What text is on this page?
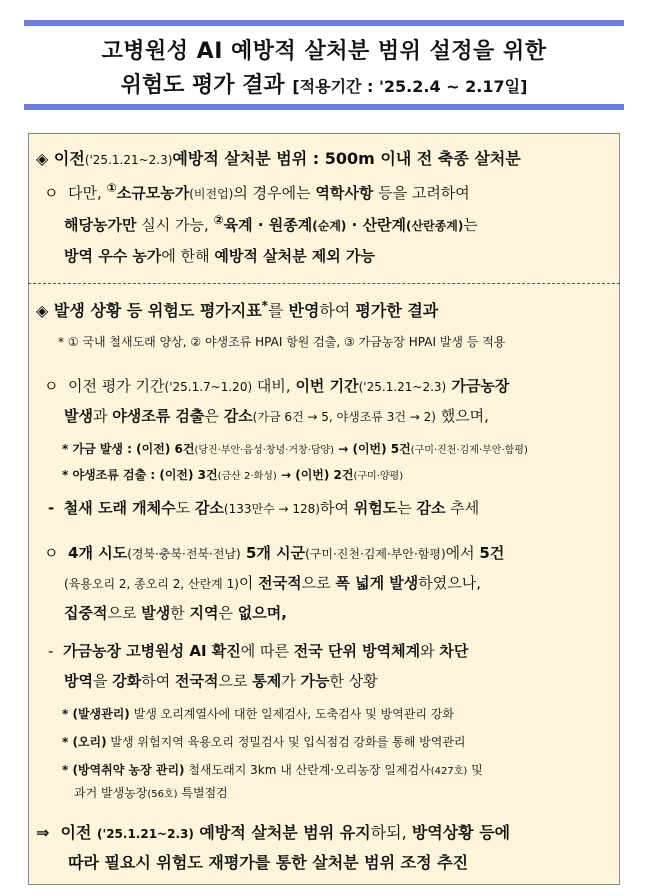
고병원성 AI 예방적 살처분 범위 설정을 위한
위험도 평가 결과 [적용기간 : '25.2.4 ~ 2.17일]
◈ 이전('25.1.21~2.3)예방적 살처분 범위 : 500m 이내 전 축종 살처분
ㅇ 다만, ①소규모농가(비전업)의 경우에는 역학사항 등을 고려하여
해당농가만 실시 가능, ②육계 · 원종계(순계) · 산란계(산란종계)는
방역 우수 농가에 한해 예방적 살처분 제외 가능
◈ 발생 상황 등 위험도 평가지표*를 반영하여 평가한 결과
* ① 국내 철새도래 양상, ② 야생조류 HPAI 항원 검출, ③ 가금농장 HPAI 발생 등 적용
ㅇ 이전 평가 기간('25.1.7~1.20) 대비, 이번 기간('25.1.21~2.3) 가금농장
발생과 야생조류 검출은 감소(가금 6건 → 5, 야생조류 3건 → 2) 했으며,
* 가금 발생 : (이전) 6건(당진·부안·음성·창녕·거창·담양) → (이번) 5건(구미·진천·김제·부안·함평)
* 야생조류 검출 : (이전) 3건(금산 2·화성) → (이번) 2건(구미·양평)
- 철새 도래 개체수도 감소(133만수 → 128)하여 위험도는 감소 추세
ㅇ 4개 시도(경북·충북·전북·전남) 5개 시군(구미·진천·김제·부안·함평)에서 5건
(육용오리 2, 종오리 2, 산란계 1)이 전국적으로 폭 넓게 발생하였으나,
집중적으로 발생한 지역은 없으며,
- 가금농장 고병원성 AI 확진에 따른 전국 단위 방역체계와 차단
방역을 강화하여 전국적으로 통제가 가능한 상황
* (발생관리) 발생 오리계열사에 대한 일제검사, 도축검사 및 방역관리 강화
* (오리) 발생 위험지역 육용오리 정밀검사 및 입식점검 강화를 통해 방역관리
* (방역취약 농장 관리) 철새도래지 3km 내 산란계·오리농장 일제검사(427호) 및
과거 발생농장(56호) 특별점검
⇒ 이전 ('25.1.21~2.3) 예방적 살처분 범위 유지하되, 방역상황 등에
따라 필요시 위험도 재평가를 통한 살처분 범위 조정 추진
